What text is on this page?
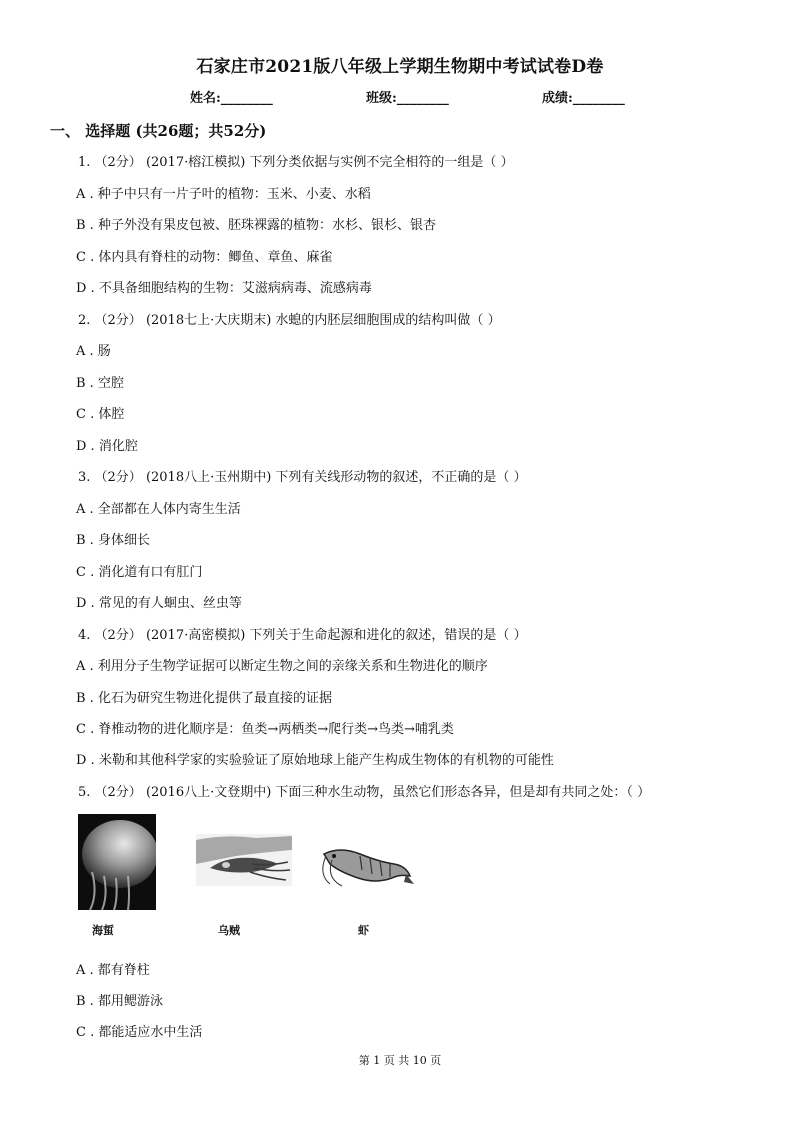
石家庄市2021版八年级上学期生物期中考试试卷D卷
姓名:________	班级:________	成绩:________
一、 选择题 (共26题；共52分)
1. （2分） (2017·榕江模拟) 下列分类依据与实例不完全相符的一组是（ ）
A . 种子中只有一片子叶的植物：玉米、小麦、水稻
B . 种子外没有果皮包被、胚珠裸露的植物：水杉、银杉、银杏
C . 体内具有脊柱的动物：鲫鱼、章鱼、麻雀
D . 不具备细胞结构的生物：艾滋病病毒、流感病毒
2. （2分） (2018七上·大庆期末) 水螅的内胚层细胞围成的结构叫做（ ）
A . 肠
B . 空腔
C . 体腔
D . 消化腔
3. （2分） (2018八上·玉州期中) 下列有关线形动物的叙述，不正确的是（ ）
A . 全部都在人体内寄生生活
B . 身体细长
C . 消化道有口有肛门
D . 常见的有人蛔虫、丝虫等
4. （2分） (2017·高密模拟) 下列关于生命起源和进化的叙述，错误的是（ ）
A . 利用分子生物学证据可以断定生物之间的亲缘关系和生物进化的顺序
B . 化石为研究生物进化提供了最直接的证据
C . 脊椎动物的进化顺序是：鱼类→两栖类→爬行类→鸟类→哺乳类
D . 米勒和其他科学家的实验验证了原始地球上能产生构成生物体的有机物的可能性
5. （2分） (2016八上·文登期中) 下面三种水生动物，虽然它们形态各异，但是却有共同之处：（ ）
海蜇	乌贼	虾
A . 都有脊柱
B . 都用鳃游泳
C . 都能适应水中生活
第 1 页 共 10 页
